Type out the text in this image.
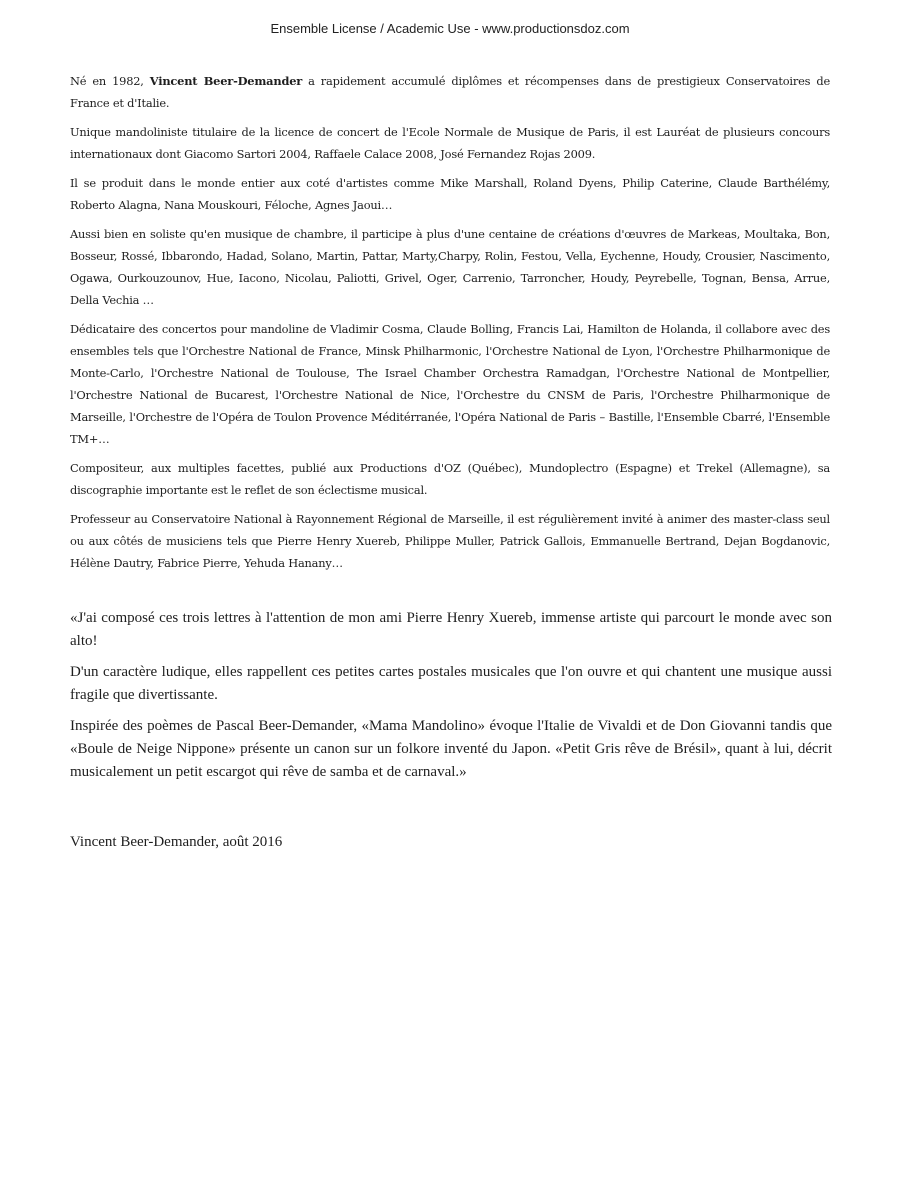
Ensemble License / Academic Use - www.productionsdoz.com

Né en 1982, Vincent Beer-Demander a rapidement accumulé diplômes et récompenses dans de prestigieux Conservatoires de France et d'Italie.

Unique mandoliniste titulaire de la licence de concert de l'Ecole Normale de Musique de Paris, il est Lauréat de plusieurs concours internationaux dont Giacomo Sartori 2004, Raffaele Calace 2008, José Fernandez Rojas 2009.

Il se produit dans le monde entier aux coté d'artistes comme Mike Marshall, Roland Dyens, Philip Caterine, Claude Barthélémy, Roberto Alagna, Nana Mouskouri, Féloche, Agnes Jaoui…

Aussi bien en soliste qu'en musique de chambre, il participe à plus d'une centaine de créations d'œuvres de Markeas, Moultaka, Bon, Bosseur, Rossé, Ibbarondo, Hadad, Solano, Martin, Pattar, Marty,Charpy, Rolin, Festou, Vella, Eychenne, Houdy, Crousier, Nascimento, Ogawa, Ourkouzounov, Hue, Iacono, Nicolau, Paliotti, Grivel, Oger, Carrenio, Tarroncher, Houdy, Peyrebelle, Tognan, Bensa, Arrue, Della Vechia …

Dédicataire des concertos pour mandoline de Vladimir Cosma, Claude Bolling, Francis Lai, Hamilton de Holanda, il collabore avec des ensembles tels que l'Orchestre National de France, Minsk Philharmonic, l'Orchestre National de Lyon, l'Orchestre Philharmonique de Monte-Carlo, l'Orchestre National de Toulouse, The Israel Chamber Orchestra Ramadgan, l'Orchestre National de Montpellier, l'Orchestre National de Bucarest, l'Orchestre National de Nice, l'Orchestre du CNSM de Paris, l'Orchestre Philharmonique de Marseille, l'Orchestre de l'Opéra de Toulon Provence Méditérranée, l'Opéra National de Paris – Bastille, l'Ensemble Cbarré, l'Ensemble TM+…

Compositeur, aux multiples facettes, publié aux Productions d'OZ (Québec), Mundoplectro (Espagne) et Trekel (Allemagne), sa discographie importante est le reflet de son éclectisme musical.

Professeur au Conservatoire National à Rayonnement Régional de Marseille, il est régulièrement invité à animer des master-class seul ou aux côtés de musiciens tels que Pierre Henry Xuereb, Philippe Muller, Patrick Gallois, Emmanuelle Bertrand, Dejan Bogdanovic, Hélène Dautry, Fabrice Pierre, Yehuda Hanany…

«J'ai composé ces trois lettres à l'attention de mon ami Pierre Henry Xuereb, immense artiste qui parcourt le monde avec son alto!

D'un caractère ludique, elles rappellent ces petites cartes postales musicales que l'on ouvre et qui chantent une musique aussi fragile que divertissante.

Inspirée des poèmes de Pascal Beer-Demander, «Mama Mandolino» évoque l'Italie de Vivaldi et de Don Giovanni tandis que «Boule de Neige Nippone» présente un canon sur un folkore inventé du Japon. «Petit Gris rêve de Brésil», quant à lui, décrit musicalement un petit escargot qui rêve de samba et de carnaval.»

Vincent Beer-Demander, août 2016
